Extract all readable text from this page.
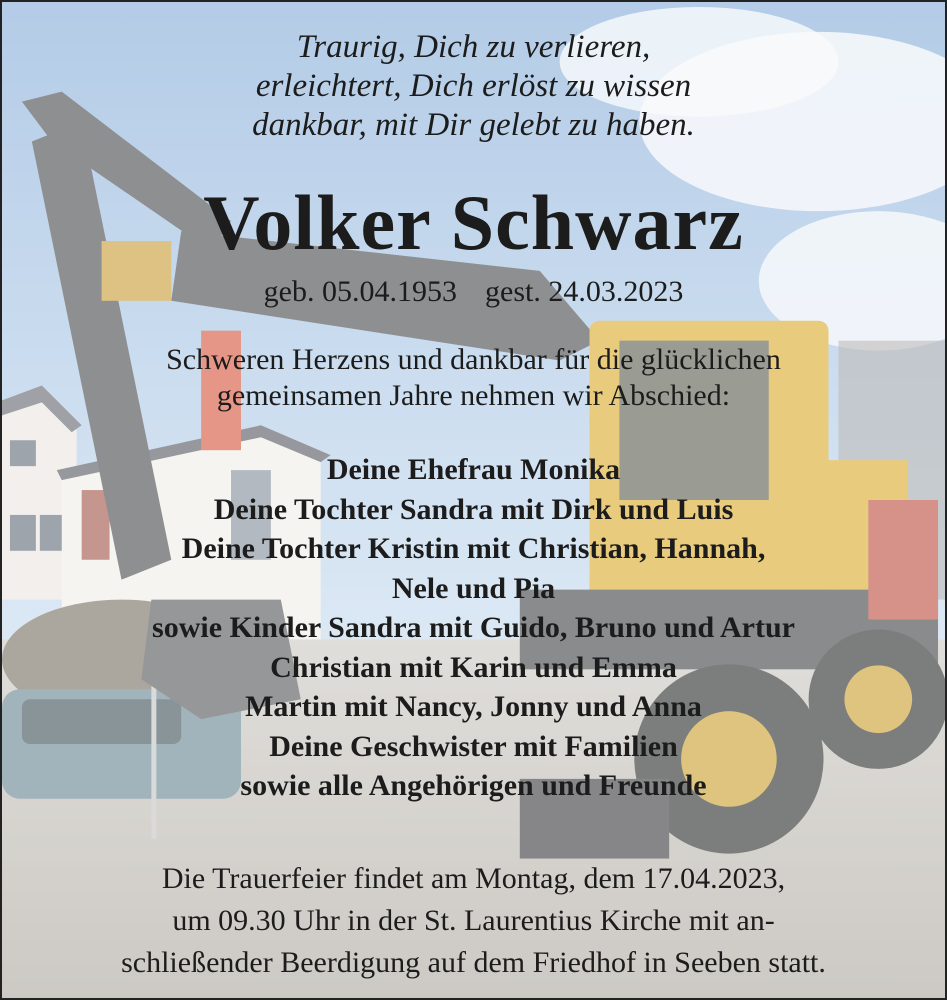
Traurig, Dich zu verlieren,
erleichtert, Dich erlöst zu wissen
dankbar, mit Dir gelebt zu haben.
Volker Schwarz
geb. 05.04.1953 gest. 24.03.2023
Schweren Herzens und dankbar für die glücklichen
gemeinsamen Jahre nehmen wir Abschied:
Deine Ehefrau Monika
Deine Tochter Sandra mit Dirk und Luis
Deine Tochter Kristin mit Christian, Hannah,
Nele und Pia
sowie Kinder Sandra mit Guido, Bruno und Artur
Christian mit Karin und Emma
Martin mit Nancy, Jonny und Anna
Deine Geschwister mit Familien
sowie alle Angehörigen und Freunde
Die Trauerfeier findet am Montag, dem 17.04.2023,
um 09.30 Uhr in der St. Laurentius Kirche mit an-
schließender Beerdigung auf dem Friedhof in Seeben statt.
